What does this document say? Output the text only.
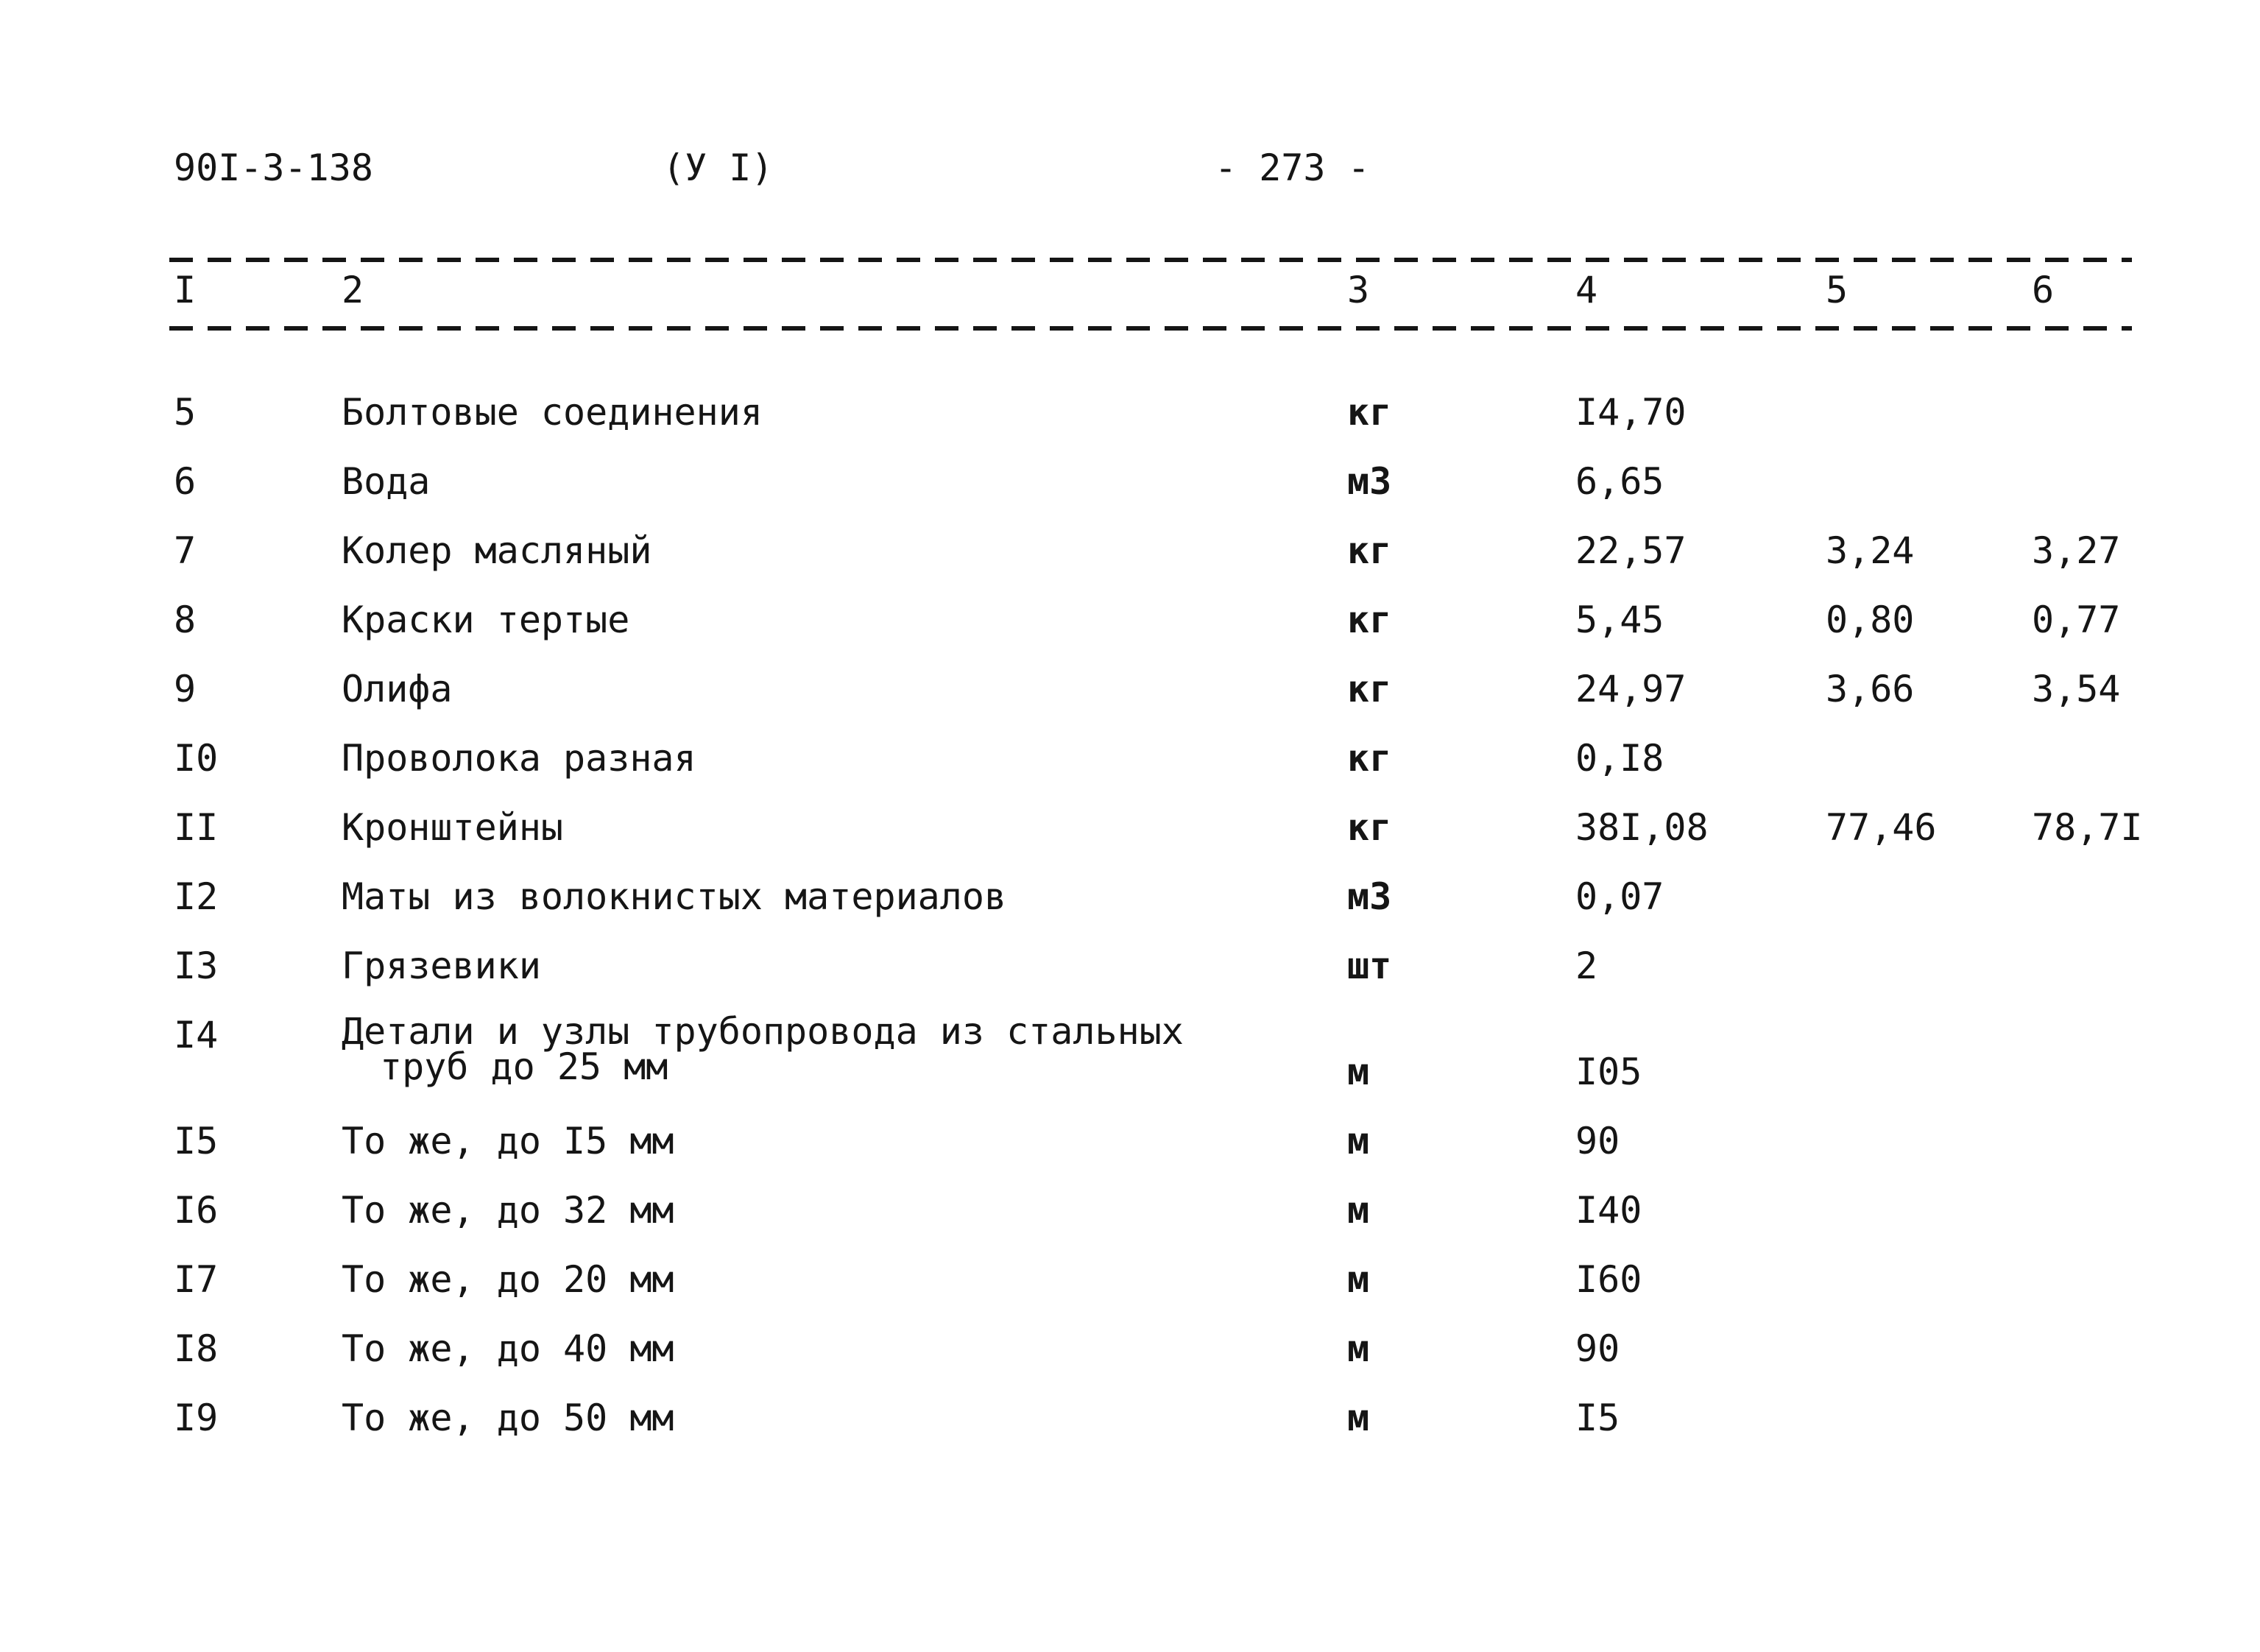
90I-3-138	(У I)	- 273 -
I	2	3	4	5	6
5	Болтовые соединения	кг	I4,70
6	Вода	м3	6,65
7	Колер масляный	кг	22,57	3,24	3,27
8	Краски тертые	кг	5,45	0,80	0,77
9	Олифа	кг	24,97	3,66	3,54
I0	Проволока разная	кг	0,I8
II	Кронштейны	кг	38I,08	77,46	78,7I
I2	Маты из волокнистых материалов	м3	0,07
I3	Грязевики	шт	2
I4	Детали и узлы трубопровода из стальных
труб до 25 мм	м	I05
I5	То же, до I5 мм	м	90
I6	То же, до 32 мм	м	I40
I7	То же, до 20 мм	м	I60
I8	То же, до 40 мм	м	90
I9	То же, до 50 мм	м	I5
